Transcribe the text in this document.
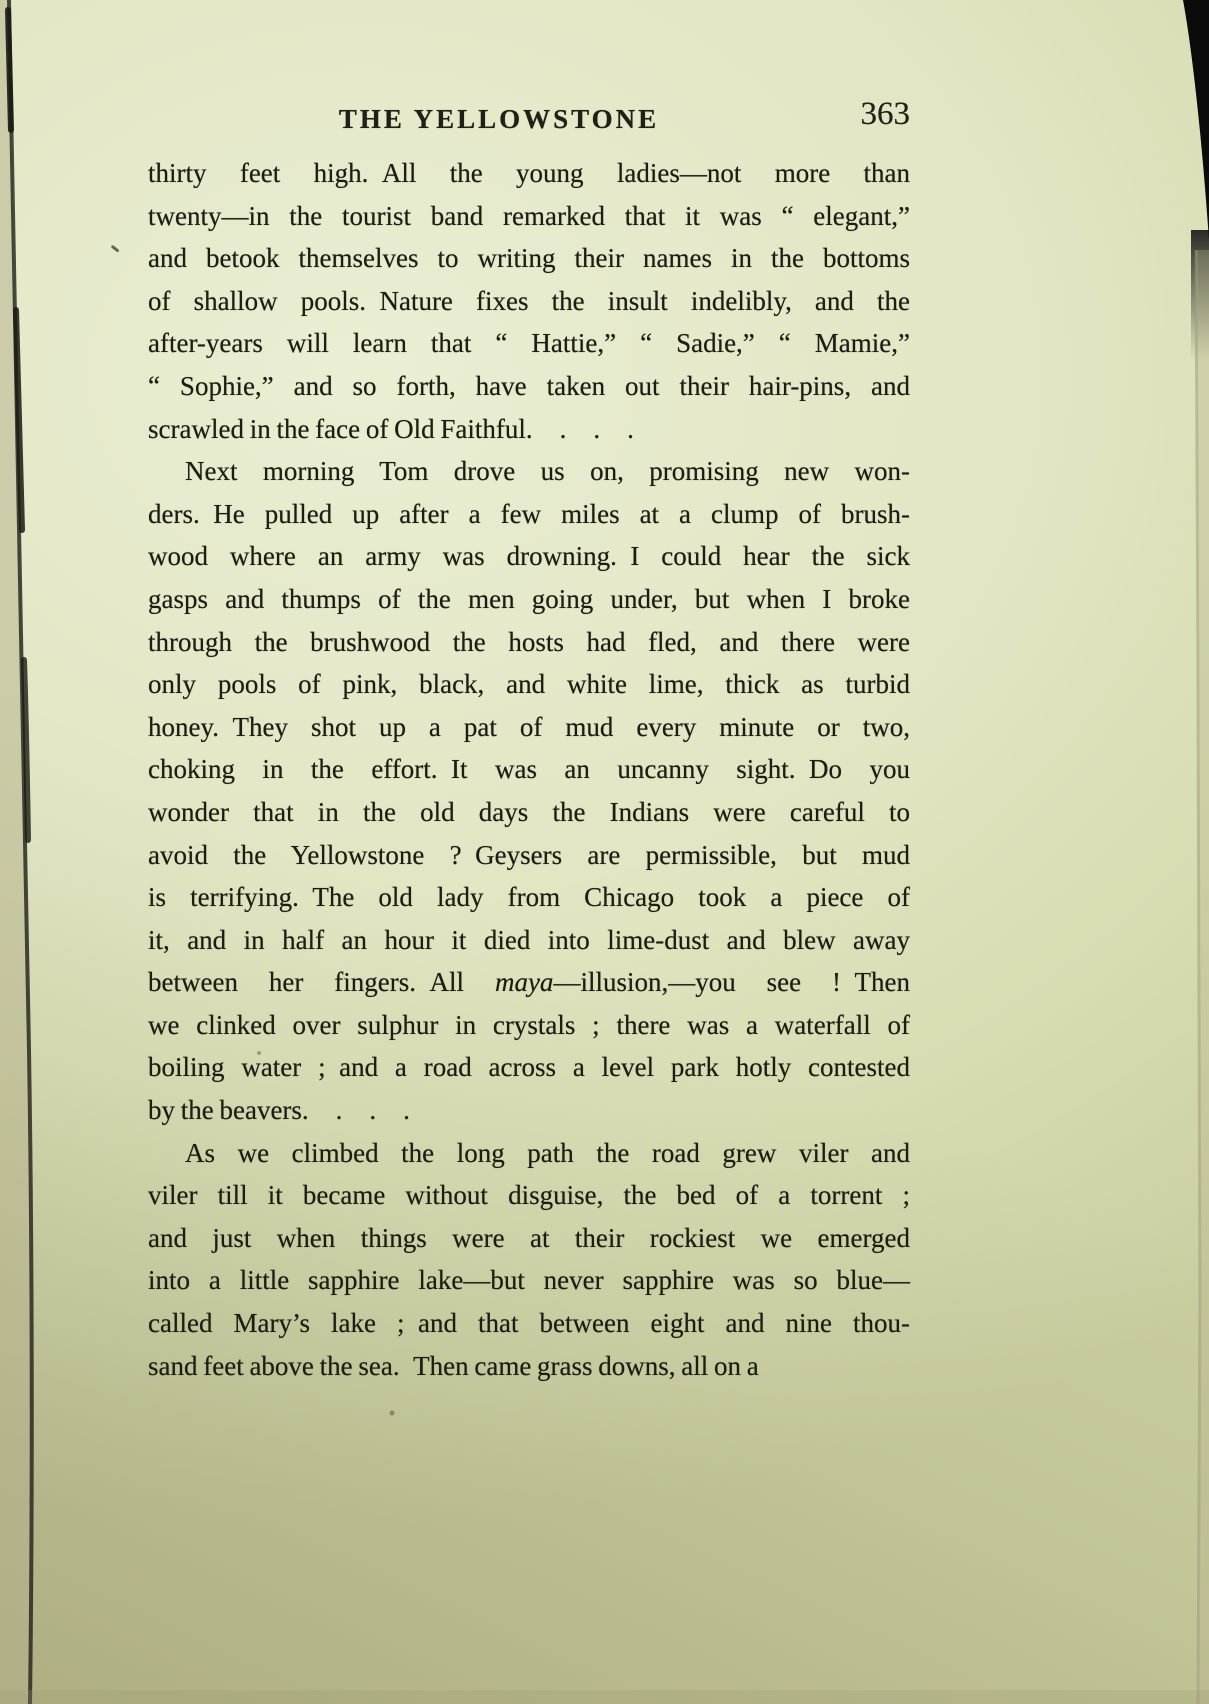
THE YELLOWSTONE	363
thirty feet high. All the young ladies—not more than
twenty—in the tourist band remarked that it was “ elegant,”
and betook themselves to writing their names in the bottoms
of shallow pools. Nature fixes the insult indelibly, and the
after-years will learn that “ Hattie,” “ Sadie,” “ Mamie,”
“ Sophie,” and so forth, have taken out their hair-pins, and
scrawled in the face of Old Faithful. . . .
Next morning Tom drove us on, promising new won-
ders. He pulled up after a few miles at a clump of brush-
wood where an army was drowning. I could hear the sick
gasps and thumps of the men going under, but when I broke
through the brushwood the hosts had fled, and there were
only pools of pink, black, and white lime, thick as turbid
honey. They shot up a pat of mud every minute or two,
choking in the effort. It was an uncanny sight. Do you
wonder that in the old days the Indians were careful to
avoid the Yellowstone ? Geysers are permissible, but mud
is terrifying. The old lady from Chicago took a piece of
it, and in half an hour it died into lime-dust and blew away
between her fingers. All maya—illusion,—you see ! Then
we clinked over sulphur in crystals ; there was a waterfall of
boiling water ; and a road across a level park hotly contested
by the beavers. . . .
As we climbed the long path the road grew viler and
viler till it became without disguise, the bed of a torrent ;
and just when things were at their rockiest we emerged
into a little sapphire lake—but never sapphire was so blue—
called Mary’s lake ; and that between eight and nine thou-
sand feet above the sea. Then came grass downs, all on a
